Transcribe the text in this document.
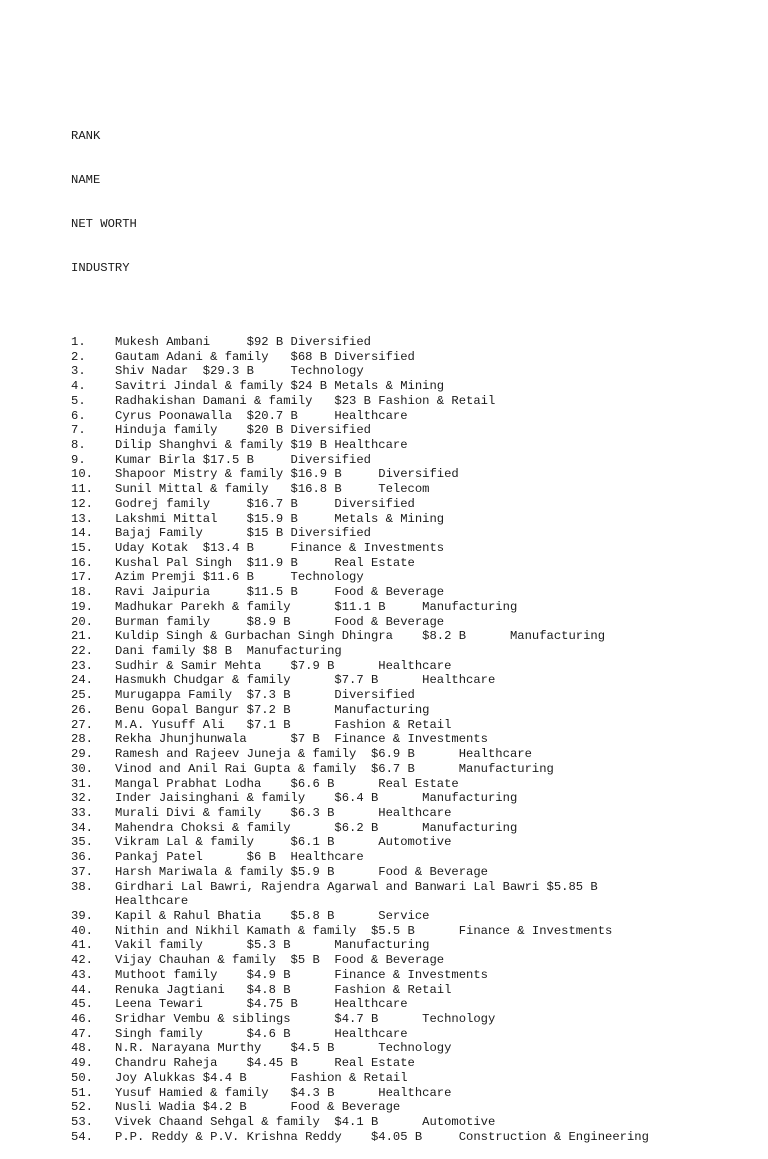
RANK

NAME

NET WORTH

INDUSTRY

1. Mukesh Ambani     $92 B Diversified
2. Gautam Adani & family   $68 B Diversified
3. Shiv Nadar  $29.3 B     Technology
4. Savitri Jindal & family $24 B Metals & Mining
5. Radhakishan Damani & family   $23 B Fashion & Retail
6. Cyrus Poonawalla  $20.7 B     Healthcare
7. Hinduja family    $20 B Diversified
8. Dilip Shanghvi & family $19 B Healthcare
9. Kumar Birla $17.5 B     Diversified
10. Shapoor Mistry & family $16.9 B     Diversified
11. Sunil Mittal & family   $16.8 B     Telecom
12. Godrej family     $16.7 B     Diversified
13. Lakshmi Mittal    $15.9 B     Metals & Mining
14. Bajaj Family      $15 B Diversified
15. Uday Kotak  $13.4 B     Finance & Investments
16. Kushal Pal Singh  $11.9 B     Real Estate
17. Azim Premji $11.6 B     Technology
18. Ravi Jaipuria     $11.5 B     Food & Beverage
19. Madhukar Parekh & family      $11.1 B     Manufacturing
20. Burman family     $8.9 B      Food & Beverage
21. Kuldip Singh & Gurbachan Singh Dhingra    $8.2 B      Manufacturing
22. Dani family $8 B  Manufacturing
23. Sudhir & Samir Mehta    $7.9 B      Healthcare
24. Hasmukh Chudgar & family      $7.7 B      Healthcare
25. Murugappa Family  $7.3 B      Diversified
26. Benu Gopal Bangur $7.2 B      Manufacturing
27. M.A. Yusuff Ali   $7.1 B      Fashion & Retail
28. Rekha Jhunjhunwala      $7 B  Finance & Investments
29. Ramesh and Rajeev Juneja & family  $6.9 B      Healthcare
30. Vinod and Anil Rai Gupta & family  $6.7 B      Manufacturing
31. Mangal Prabhat Lodha    $6.6 B      Real Estate
32. Inder Jaisinghani & family    $6.4 B      Manufacturing
33. Murali Divi & family    $6.3 B      Healthcare
34. Mahendra Choksi & family      $6.2 B      Manufacturing
35. Vikram Lal & family     $6.1 B      Automotive
36. Pankaj Patel      $6 B  Healthcare
37. Harsh Mariwala & family $5.9 B      Food & Beverage
38. Girdhari Lal Bawri, Rajendra Agarwal and Banwari Lal Bawri $5.85 B
Healthcare
39. Kapil & Rahul Bhatia    $5.8 B      Service
40. Nithin and Nikhil Kamath & family  $5.5 B      Finance & Investments
41. Vakil family      $5.3 B      Manufacturing
42. Vijay Chauhan & family  $5 B  Food & Beverage
43. Muthoot family    $4.9 B      Finance & Investments
44. Renuka Jagtiani   $4.8 B      Fashion & Retail
45. Leena Tewari      $4.75 B     Healthcare
46. Sridhar Vembu & siblings      $4.7 B      Technology
47. Singh family      $4.6 B      Healthcare
48. N.R. Narayana Murthy    $4.5 B      Technology
49. Chandru Raheja    $4.45 B     Real Estate
50. Joy Alukkas $4.4 B      Fashion & Retail
51. Yusuf Hamied & family   $4.3 B      Healthcare
52. Nusli Wadia $4.2 B      Food & Beverage
53. Vivek Chaand Sehgal & family  $4.1 B      Automotive
54. P.P. Reddy & P.V. Krishna Reddy    $4.05 B     Construction & Engineering
